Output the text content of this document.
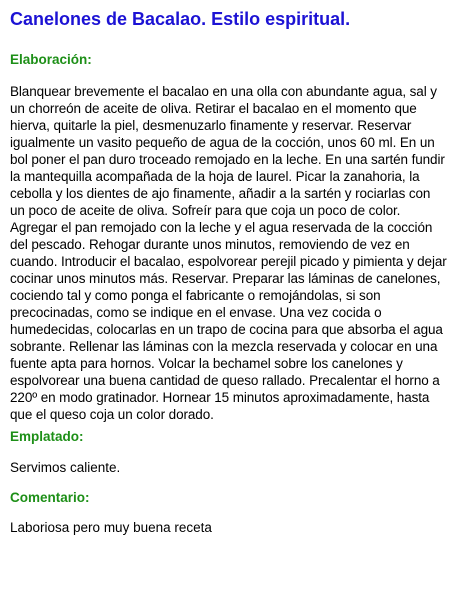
Canelones de Bacalao. Estilo espiritual.
Elaboración:

Blanquear brevemente el bacalao en una olla con abundante agua, sal y un chorreón de aceite de oliva. Retirar el bacalao en el momento que hierva, quitarle la piel, desmenuzarlo finamente y reservar. Reservar igualmente un vasito pequeño de agua de la cocción, unos 60 ml. En un bol poner el pan duro troceado remojado en la leche. En una sartén fundir la mantequilla acompañada de la hoja de laurel. Picar la zanahoria, la cebolla y los dientes de ajo finamente, añadir a la sartén y rociarlas con un poco de aceite de oliva. Sofreír para que coja un poco de color. Agregar el pan remojado con la leche y el agua reservada de la cocción del pescado. Rehogar durante unos minutos, removiendo de vez en cuando. Introducir el bacalao, espolvorear perejil picado y pimienta y dejar cocinar unos minutos más. Reservar. Preparar las láminas de canelones, cociendo tal y como ponga el fabricante o remojándolas, si son precocinadas, como se indique en el envase. Una vez cocida o humedecidas, colocarlas en un trapo de cocina para que absorba el agua sobrante. Rellenar las láminas con la mezcla reservada y colocar en una fuente apta para hornos. Volcar la bechamel sobre los canelones y espolvorear una buena cantidad de queso rallado. Precalentar el horno a 220º en modo gratinador. Hornear 15 minutos aproximadamente, hasta que el queso coja un color dorado.

Emplatado:

Servimos caliente.

Comentario:

Laboriosa pero muy buena receta
